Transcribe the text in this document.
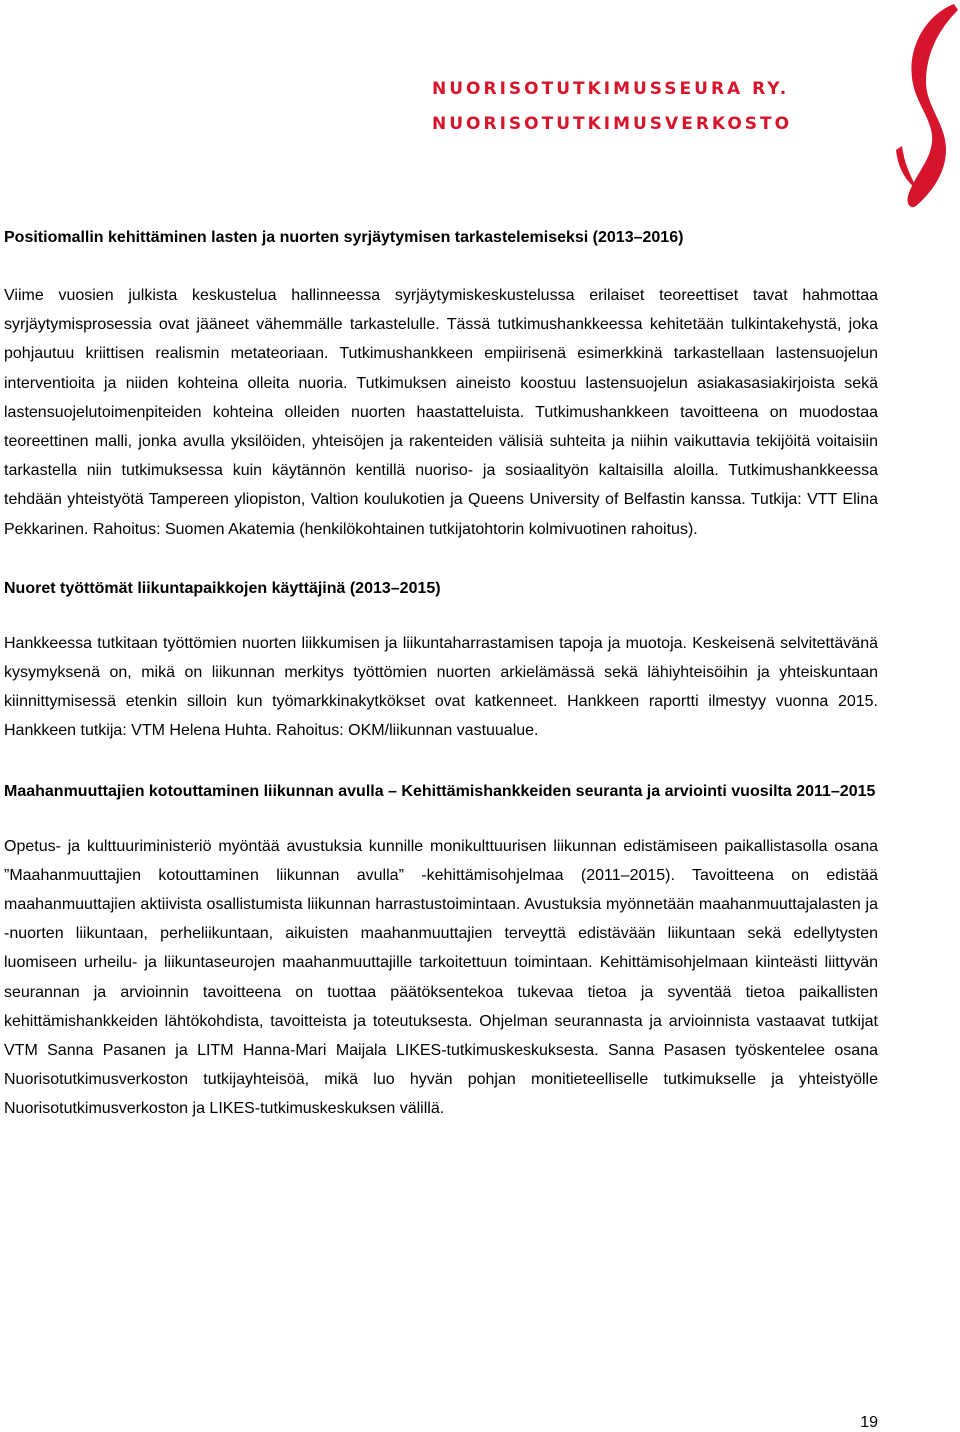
NUORISOTUTKIMUSSEURA RY.
NUORISOTUTKIMUSVERKOSTO
Positiomallin kehittäminen lasten ja nuorten syrjäytymisen tarkastelemiseksi (2013–2016)

Viime vuosien julkista keskustelua hallinneessa syrjäytymiskeskustelussa erilaiset teoreettiset tavat hahmottaa syrjäytymisprosessia ovat jääneet vähemmälle tarkastelulle. Tässä tutkimushankkeessa kehitetään tulkintakehystä, joka pohjautuu kriittisen realismin metateoriaan. Tutkimushankkeen empiirisenä esimerkkinä tarkastellaan lastensuojelun interventioita ja niiden kohteina olleita nuoria. Tutkimuksen aineisto koostuu lastensuojelun asiakasasiakirjoista sekä lastensuojelutoimenpiteiden kohteina olleiden nuorten haastatteluista. Tutkimushankkeen tavoitteena on muodostaa teoreettinen malli, jonka avulla yksilöiden, yhteisöjen ja rakenteiden välisiä suhteita ja niihin vaikuttavia tekijöitä voitaisiin tarkastella niin tutkimuksessa kuin käytännön kentillä nuoriso- ja sosiaalityön kaltaisilla aloilla. Tutkimushankkeessa tehdään yhteistyötä Tampereen yliopiston, Valtion koulukotien ja Queens University of Belfastin kanssa. Tutkija: VTT Elina Pekkarinen. Rahoitus: Suomen Akatemia (henkilökohtainen tutkijatohtorin kolmivuotinen rahoitus).

Nuoret työttömät liikuntapaikkojen käyttäjinä (2013–2015)

Hankkeessa tutkitaan työttömien nuorten liikkumisen ja liikuntaharrastamisen tapoja ja muotoja. Keskeisenä selvitettävänä kysymyksenä on, mikä on liikunnan merkitys työttömien nuorten arkielämässä sekä lähiyhteisöihin ja yhteiskuntaan kiinnittymisessä etenkin silloin kun työmarkkinakytkökset ovat katkenneet. Hankkeen raportti ilmestyy vuonna 2015. Hankkeen tutkija: VTM Helena Huhta. Rahoitus: OKM/liikunnan vastuualue.

Maahanmuuttajien kotouttaminen liikunnan avulla – Kehittämishankkeiden seuranta ja arviointi vuosilta 2011–2015

Opetus- ja kulttuuriministeriö myöntää avustuksia kunnille monikulttuurisen liikunnan edistämiseen paikallistasolla osana ”Maahanmuuttajien kotouttaminen liikunnan avulla” -kehittämisohjelmaa (2011–2015). Tavoitteena on edistää maahanmuuttajien aktiivista osallistumista liikunnan harrastustoimintaan. Avustuksia myönnetään maahanmuuttajalasten ja -nuorten liikuntaan, perheliikuntaan, aikuisten maahanmuuttajien terveyttä edistävään liikuntaan sekä edellytysten luomiseen urheilu- ja liikuntaseurojen maahanmuuttajille tarkoitettuun toimintaan. Kehittämisohjelmaan kiinteästi liittyvän seurannan ja arvioinnin tavoitteena on tuottaa päätöksentekoa tukevaa tietoa ja syventää tietoa paikallisten kehittämishankkeiden lähtökohdista, tavoitteista ja toteutuksesta. Ohjelman seurannasta ja arvioinnista vastaavat tutkijat VTM Sanna Pasanen ja LITM Hanna-Mari Maijala LIKES-tutkimuskeskuksesta. Sanna Pasasen työskentelee osana Nuorisotutkimusverkoston tutkijayhteisöä, mikä luo hyvän pohjan monitieteelliselle tutkimukselle ja yhteistyölle Nuorisotutkimusverkoston ja LIKES-tutkimuskeskuksen välillä.

19
